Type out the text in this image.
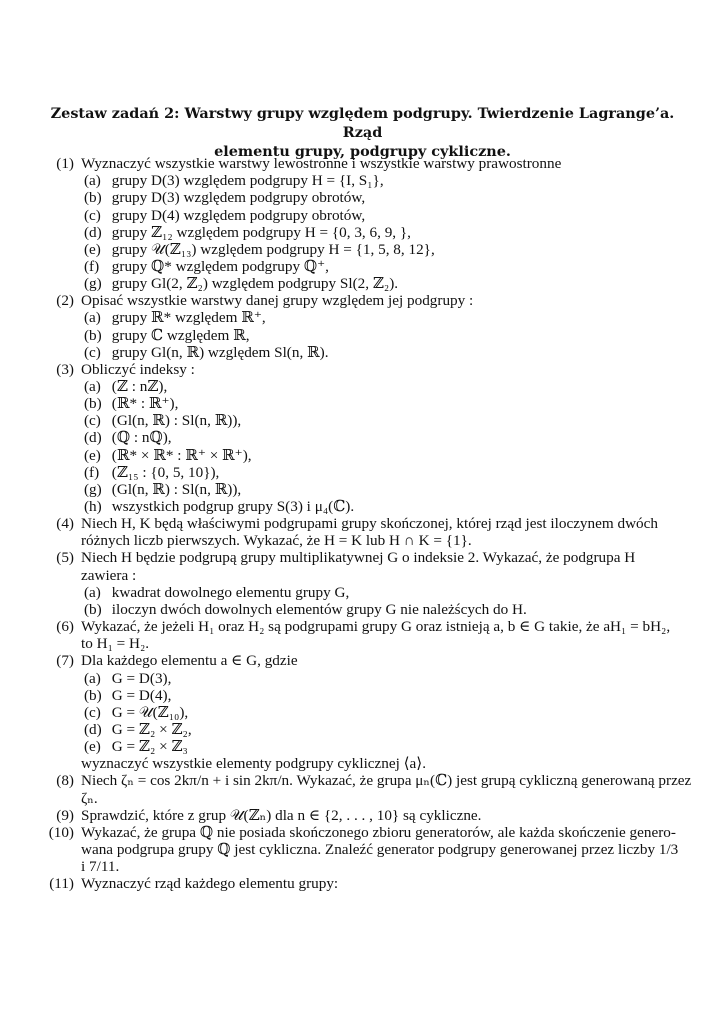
Zestaw zadań 2: Warstwy grupy względem podgrupy. Twierdzenie Lagrange’a. Rząd
elementu grupy, podgrupy cykliczne.
(1) Wyznaczyć wszystkie warstwy lewostronne i wszystkie warstwy prawostronne
(a) grupy D(3) względem podgrupy H = {I, S₁},
(b) grupy D(3) względem podgrupy obrotów,
(c) grupy D(4) względem podgrupy obrotów,
(d) grupy ℤ₁₂ względem podgrupy H = {0, 3, 6, 9, },
(e) grupy 𝒰(ℤ₁₃) względem podgrupy H = {1, 5, 8, 12},
(f) grupy ℚ* względem podgrupy ℚ⁺,
(g) grupy Gl(2, ℤ₂) względem podgrupy Sl(2, ℤ₂).
(2) Opisać wszystkie warstwy danej grupy względem jej podgrupy :
(a) grupy ℝ* względem ℝ⁺,
(b) grupy ℂ względem ℝ,
(c) grupy Gl(n, ℝ) względem Sl(n, ℝ).
(3) Obliczyć indeksy :
(a) (ℤ : nℤ),
(b) (ℝ* : ℝ⁺),
(c) (Gl(n, ℝ) : Sl(n, ℝ)),
(d) (ℚ : nℚ),
(e) (ℝ* × ℝ* : ℝ⁺ × ℝ⁺),
(f) (ℤ₁₅ : {0, 5, 10}),
(g) (Gl(n, ℝ) : Sl(n, ℝ)),
(h) wszystkich podgrup grupy S(3) i μ₄(ℂ).
(4) Niech H, K będą właściwymi podgrupami grupy skończonej, której rząd jest iloczynem dwóch
różnych liczb pierwszych. Wykazać, że H = K lub H ∩ K = {1}.
(5) Niech H będzie podgrupą grupy multiplikatywnej G o indeksie 2. Wykazać, że podgrupa H
zawiera :
(a) kwadrat dowolnego elementu grupy G,
(b) iloczyn dwóch dowolnych elementów grupy G nie należścych do H.
(6) Wykazać, że jeżeli H₁ oraz H₂ są podgrupami grupy G oraz istnieją a, b ∈ G takie, że aH₁ = bH₂,
to H₁ = H₂.
(7) Dla każdego elementu a ∈ G, gdzie
(a) G = D(3),
(b) G = D(4),
(c) G = 𝒰(ℤ₁₀),
(d) G = ℤ₂ × ℤ₂,
(e) G = ℤ₂ × ℤ₃
wyznaczyć wszystkie elementy podgrupy cyklicznej ⟨a⟩.
(8) Niech ζₙ = cos 2kπ/n + i sin 2kπ/n. Wykazać, że grupa μₙ(ℂ) jest grupą cykliczną generowaną przez
ζₙ.
(9) Sprawdzić, które z grup 𝒰(ℤₙ) dla n ∈ {2, . . . , 10} są cykliczne.
(10) Wykazać, że grupa ℚ nie posiada skończonego zbioru generatorów, ale każda skończenie genero-
wana podgrupa grupy ℚ jest cykliczna. Znaleźć generator podgrupy generowanej przez liczby 1/3
i 7/11.
(11) Wyznaczyć rząd każdego elementu grupy:
